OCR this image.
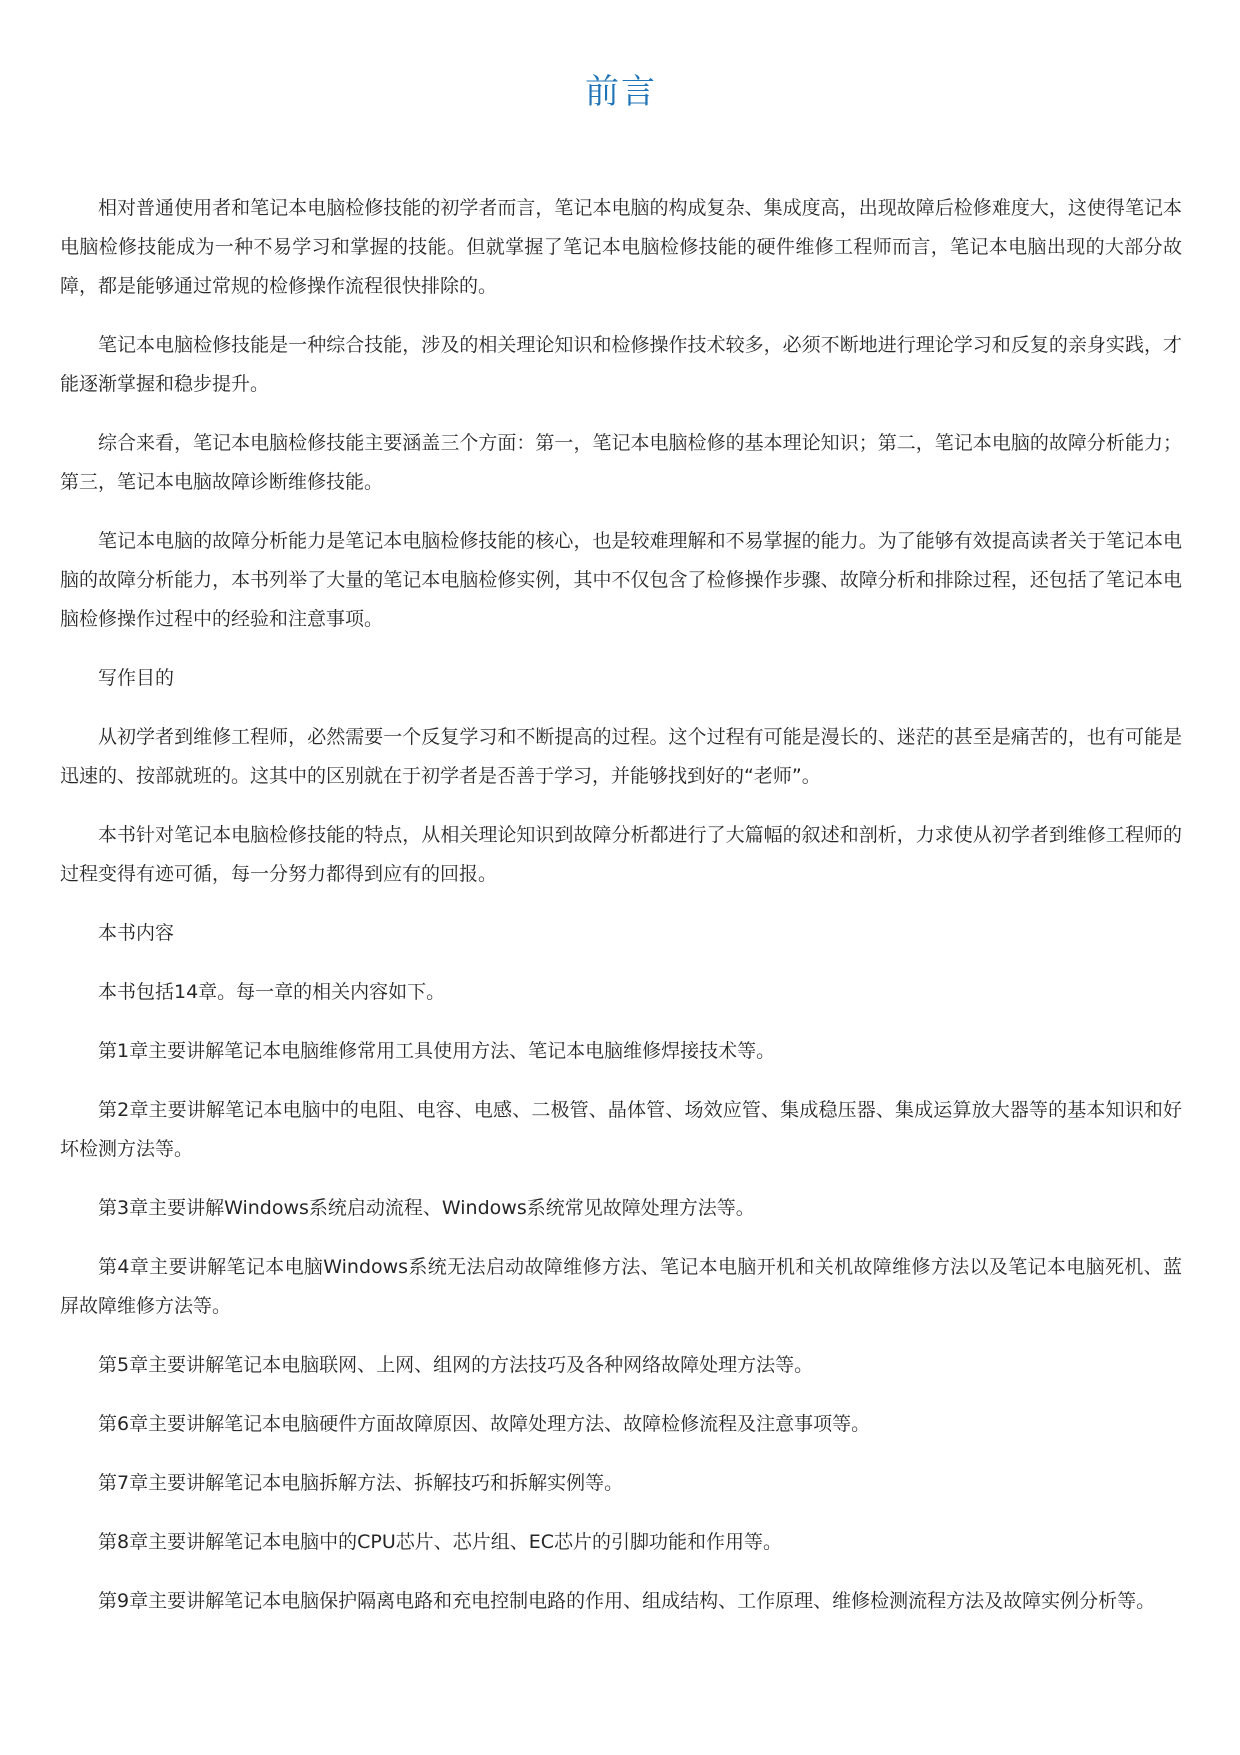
前言

相对普通使用者和笔记本电脑检修技能的初学者而言，笔记本电脑的构成复杂、集成度高，出现故障后检修难度大，这使得笔记本电脑检修技能成为一种不易学习和掌握的技能。但就掌握了笔记本电脑检修技能的硬件维修工程师而言，笔记本电脑出现的大部分故障，都是能够通过常规的检修操作流程很快排除的。

笔记本电脑检修技能是一种综合技能，涉及的相关理论知识和检修操作技术较多，必须不断地进行理论学习和反复的亲身实践，才能逐渐掌握和稳步提升。

综合来看，笔记本电脑检修技能主要涵盖三个方面：第一，笔记本电脑检修的基本理论知识；第二，笔记本电脑的故障分析能力；第三，笔记本电脑故障诊断维修技能。

笔记本电脑的故障分析能力是笔记本电脑检修技能的核心，也是较难理解和不易掌握的能力。为了能够有效提高读者关于笔记本电脑的故障分析能力，本书列举了大量的笔记本电脑检修实例，其中不仅包含了检修操作步骤、故障分析和排除过程，还包括了笔记本电脑检修操作过程中的经验和注意事项。

写作目的

从初学者到维修工程师，必然需要一个反复学习和不断提高的过程。这个过程有可能是漫长的、迷茫的甚至是痛苦的，也有可能是迅速的、按部就班的。这其中的区别就在于初学者是否善于学习，并能够找到好的“老师”。

本书针对笔记本电脑检修技能的特点，从相关理论知识到故障分析都进行了大篇幅的叙述和剖析，力求使从初学者到维修工程师的过程变得有迹可循，每一分努力都得到应有的回报。

本书内容

本书包括14章。每一章的相关内容如下。

第1章主要讲解笔记本电脑维修常用工具使用方法、笔记本电脑维修焊接技术等。

第2章主要讲解笔记本电脑中的电阻、电容、电感、二极管、晶体管、场效应管、集成稳压器、集成运算放大器等的基本知识和好坏检测方法等。

第3章主要讲解Windows系统启动流程、Windows系统常见故障处理方法等。

第4章主要讲解笔记本电脑Windows系统无法启动故障维修方法、笔记本电脑开机和关机故障维修方法以及笔记本电脑死机、蓝屏故障维修方法等。

第5章主要讲解笔记本电脑联网、上网、组网的方法技巧及各种网络故障处理方法等。

第6章主要讲解笔记本电脑硬件方面故障原因、故障处理方法、故障检修流程及注意事项等。

第7章主要讲解笔记本电脑拆解方法、拆解技巧和拆解实例等。

第8章主要讲解笔记本电脑中的CPU芯片、芯片组、EC芯片的引脚功能和作用等。

第9章主要讲解笔记本电脑保护隔离电路和充电控制电路的作用、组成结构、工作原理、维修检测流程方法及故障实例分析等。
